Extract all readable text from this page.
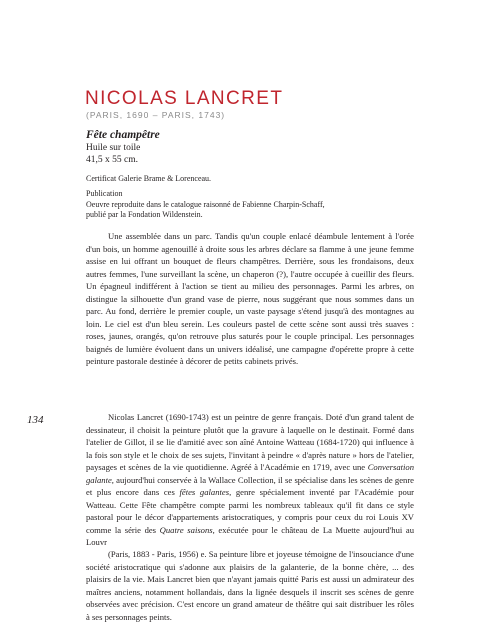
NICOLAS LANCRET
(PARIS, 1690 – PARIS, 1743)
Fête champêtre
Huile sur toile
41,5 x 55 cm.
Certificat Galerie Brame & Lorenceau.
Publication
Oeuvre reproduite dans le catalogue raisonné de Fabienne Charpin-Schaff,
publié par la Fondation Wildenstein.

Une assemblée dans un parc. Tandis qu'un couple enlacé déambule lentement à l'orée d'un bois, un homme agenouillé à droite sous les arbres déclare sa flamme à une jeune femme assise en lui offrant un bouquet de fleurs champêtres. Derrière, sous les frondaisons, deux autres femmes, l'une surveillant la scène, un chaperon (?), l'autre occupée à cueillir des fleurs. Un épagneul indifférent à l'action se tient au milieu des personnages. Parmi les arbres, on distingue la silhouette d'un grand vase de pierre, nous suggérant que nous sommes dans un parc. Au fond, derrière le premier couple, un vaste paysage s'étend jusqu'à des montagnes au loin. Le ciel est d'un bleu serein. Les couleurs pastel de cette scène sont aussi très suaves : roses, jaunes, orangés, qu'on retrouve plus saturés pour le couple principal. Les personnages baignés de lumière évoluent dans un univers idéalisé, une campagne d'opérette propre à cette peinture pastorale destinée à décorer de petits cabinets privés.

134	Nicolas Lancret (1690-1743) est un peintre de genre français. Doté d'un grand talent de dessinateur, il choisit la peinture plutôt que la gravure à laquelle on le destinait. Formé dans l'atelier de Gillot, il se lie d'amitié avec son aîné Antoine Watteau (1684-1720) qui influence à la fois son style et le choix de ses sujets, l'invitant à peindre « d'après nature » hors de l'atelier, paysages et scènes de la vie quotidienne. Agréé à l'Académie en 1719, avec une Conversation galante, aujourd'hui conservée à la Wallace Collection, il se spécialise dans les scènes de genre et plus encore dans ces fêtes galantes, genre spécialement inventé par l'Académie pour Watteau. Cette Fête champêtre compte parmi les nombreux tableaux qu'il fit dans ce style pastoral pour le décor d'appartements aristocratiques, y compris pour ceux du roi Louis XV comme la série des Quatre saisons, exécutée pour le château de La Muette aujourd'hui au Louvr

(Paris, 1883 - Paris, 1956) e. Sa peinture libre et joyeuse témoigne de l'insouciance d'une société aristocratique qui s'adonne aux plaisirs de la galanterie, de la bonne chère, ... des plaisirs de la vie. Mais Lancret bien que n'ayant jamais quitté Paris est aussi un admirateur des maîtres anciens, notamment hollandais, dans la lignée desquels il inscrit ses scènes de genre observées avec précision. C'est encore un grand amateur de théâtre qui sait distribuer les rôles à ses personnages peints.
